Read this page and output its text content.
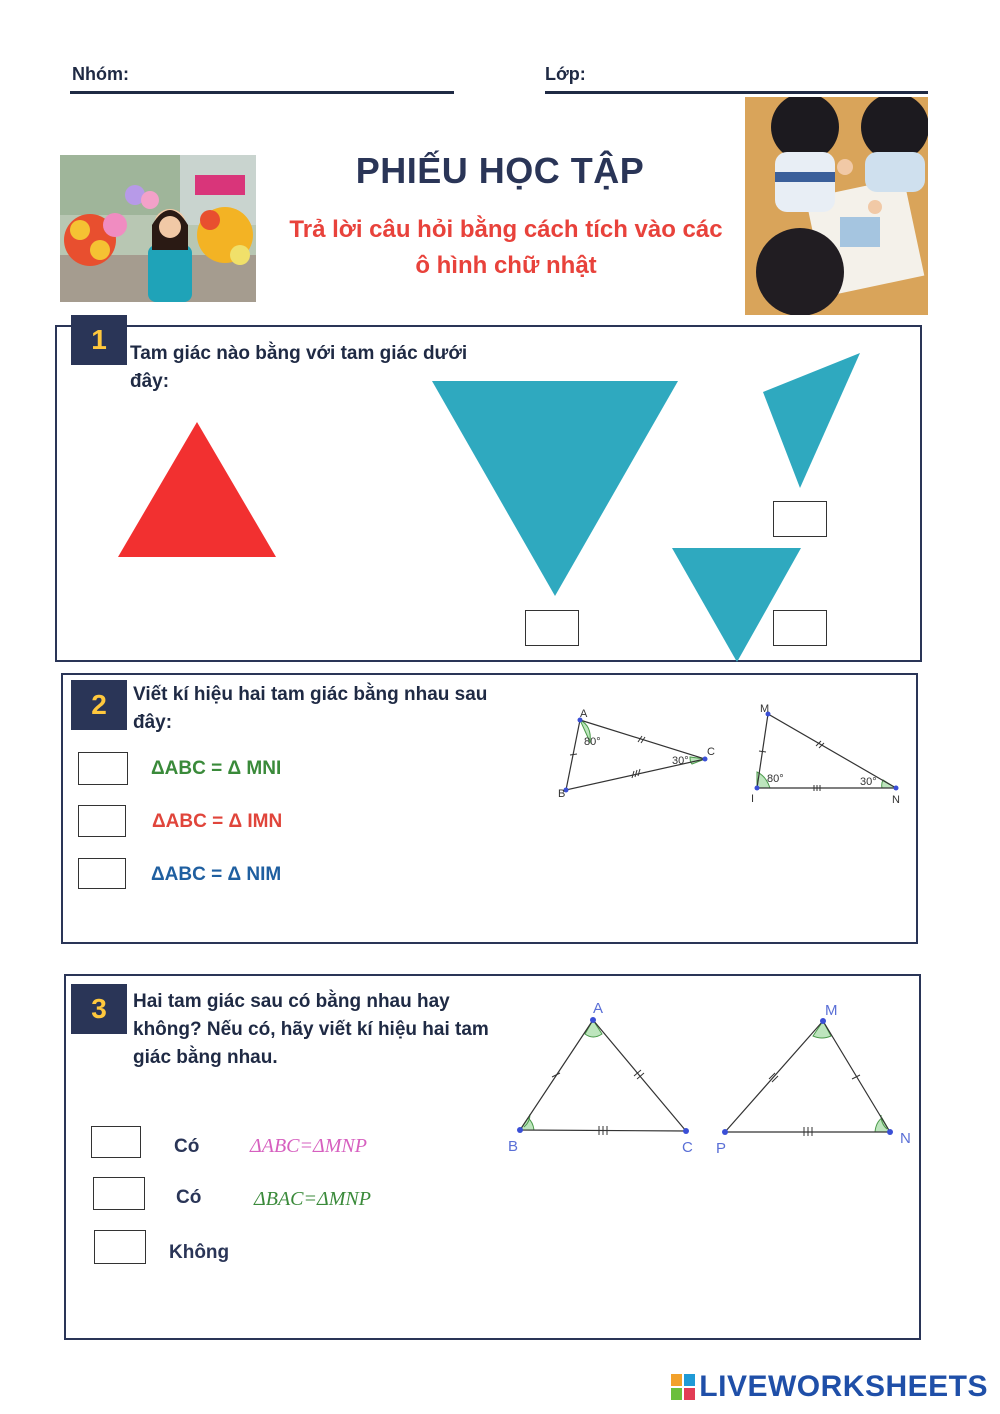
Nhóm:	Lớp:
PHIẾU HỌC TẬP
Trả lời câu hỏi bằng cách tích vào các
ô hình chữ nhật
1	Tam giác nào bằng với tam giác dưới
đây:
2	Viết kí hiệu hai tam giác bằng nhau sau
đây:
ΔABC = Δ MNI
ΔABC = Δ IMN
ΔABC = Δ NIM
A
C
B
80°
30°
M
I	N
80°	30°
3	Hai tam giác sau có bằng nhau hay
không? Nếu có, hãy viết kí hiệu hai tam
giác bằng nhau.
Có	ΔABC=ΔMNP
Có	ΔBAC=ΔMNP
Không
A
B	C
M
P
N
LIVEWORKSHEETS
